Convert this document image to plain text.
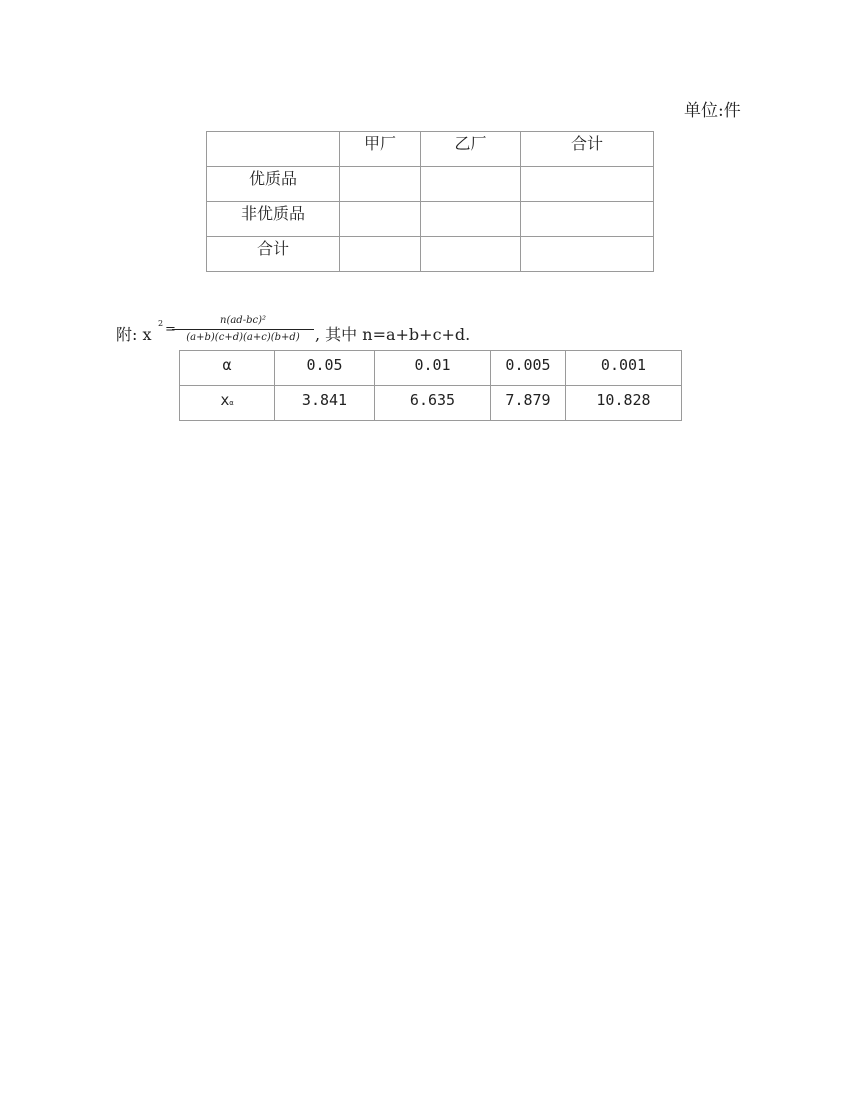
单位:件
	甲厂	乙厂	合计
优质品			
非优质品			
合计			
附: x
2 =
$\frac{\text{n(ad-bc)²}}{(a+b)(c+d)(a+c)(b+d)}$ , 其中 n=a+b+c+d.
α	0.05	0.01	0.005	0.001
xα	3.841	6.635	7.879	10.828
